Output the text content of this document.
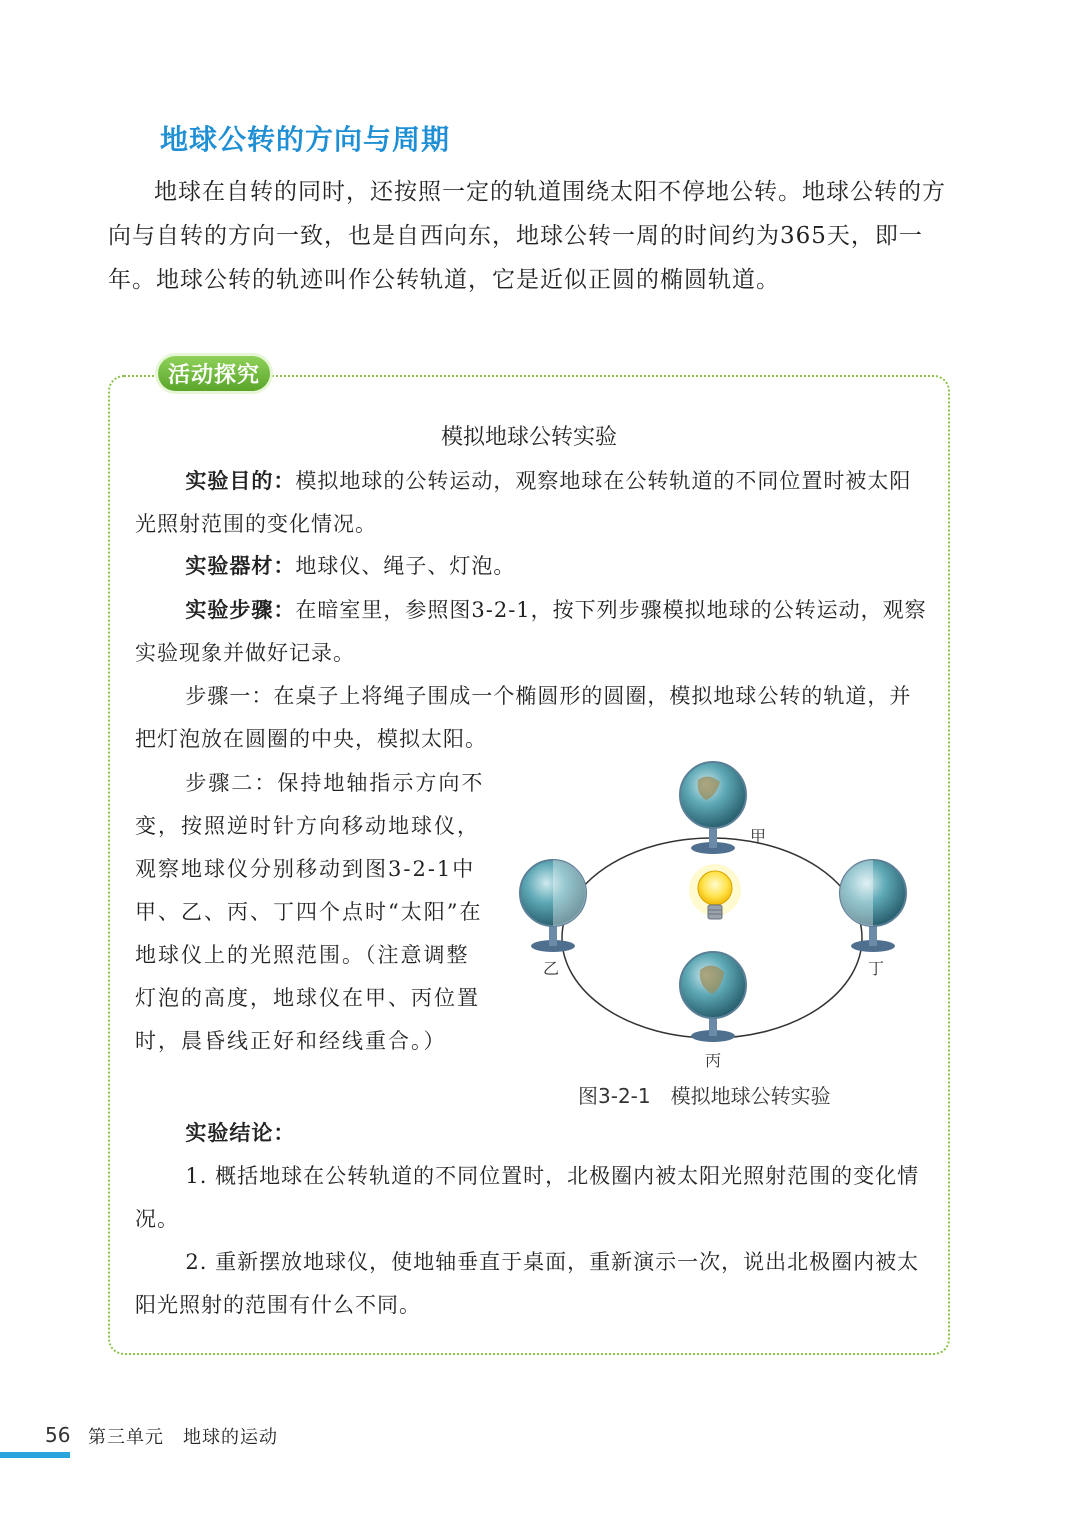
地球公转的方向与周期

地球在自转的同时，还按照一定的轨道围绕太阳不停地公转。地球公转的方向与自转的方向一致，也是自西向东，地球公转一周的时间约为365天，即一年。地球公转的轨迹叫作公转轨道，它是近似正圆的椭圆轨道。

活动探究
模拟地球公转实验

实验目的：模拟地球的公转运动，观察地球在公转轨道的不同位置时被太阳光照射范围的变化情况。

实验器材：地球仪、绳子、灯泡。

实验步骤：在暗室里，参照图3-2-1，按下列步骤模拟地球的公转运动，观察实验现象并做好记录。

步骤一：在桌子上将绳子围成一个椭圆形的圆圈，模拟地球公转的轨道，并把灯泡放在圆圈的中央，模拟太阳。

步骤二：保持地轴指示方向不变，按照逆时针方向移动地球仪，观察地球仪分别移动到图3-2-1中甲、乙、丙、丁四个点时“太阳”在地球仪上的光照范围。（注意调整灯泡的高度，地球仪在甲、丙位置时，晨昏线正好和经线重合。）

甲
乙
丙
丁
图3-2-1　模拟地球公转实验

实验结论：

1. 概括地球在公转轨道的不同位置时，北极圈内被太阳光照射范围的变化情况。

2. 重新摆放地球仪，使地轴垂直于桌面，重新演示一次，说出北极圈内被太阳光照射的范围有什么不同。

56 第三单元　地球的运动
